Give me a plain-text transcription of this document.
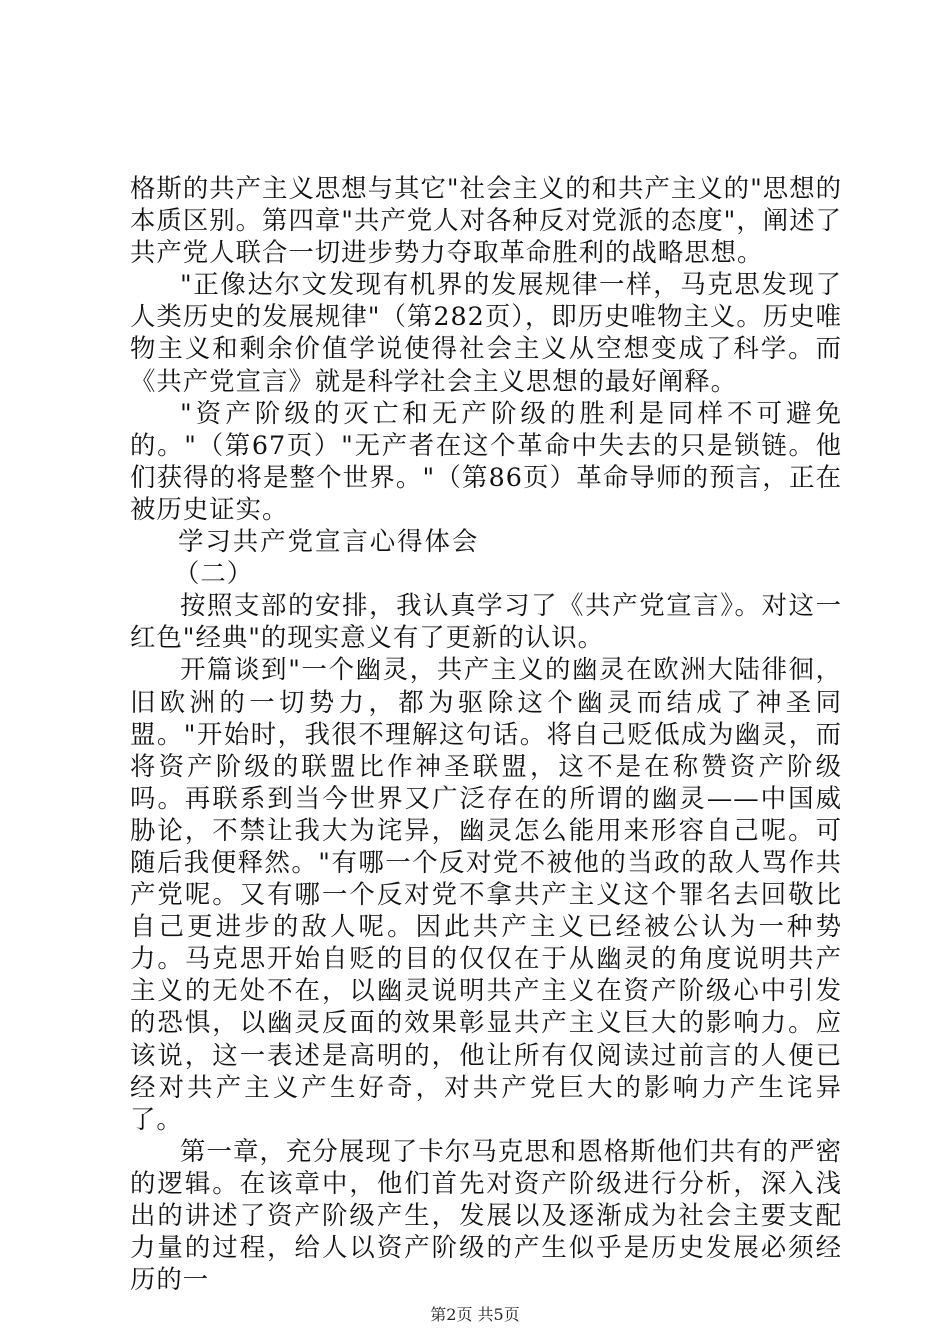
格斯的共产主义思想与其它"社会主义的和共产主义的"思想的本质区别。第四章"共产党人对各种反对党派的态度"，阐述了共产党人联合一切进步势力夺取革命胜利的战略思想。

"正像达尔文发现有机界的发展规律一样，马克思发现了人类历史的发展规律"（第282页），即历史唯物主义。历史唯物主义和剩余价值学说使得社会主义从空想变成了科学。而《共产党宣言》就是科学社会主义思想的最好阐释。

"资产阶级的灭亡和无产阶级的胜利是同样不可避免的。"（第67页）"无产者在这个革命中失去的只是锁链。他们获得的将是整个世界。"（第86页）革命导师的预言，正在被历史证实。

学习共产党宣言心得体会

（二）

按照支部的安排，我认真学习了《共产党宣言》。对这一红色"经典"的现实意义有了更新的认识。

开篇谈到"一个幽灵，共产主义的幽灵在欧洲大陆徘徊，旧欧洲的一切势力，都为驱除这个幽灵而结成了神圣同盟。"开始时，我很不理解这句话。将自己贬低成为幽灵，而将资产阶级的联盟比作神圣联盟，这不是在称赞资产阶级吗。再联系到当今世界又广泛存在的所谓的幽灵——中国威胁论，不禁让我大为诧异，幽灵怎么能用来形容自己呢。可随后我便释然。"有哪一个反对党不被他的当政的敌人骂作共产党呢。又有哪一个反对党不拿共产主义这个罪名去回敬比自己更进步的敌人呢。因此共产主义已经被公认为一种势力。马克思开始自贬的目的仅仅在于从幽灵的角度说明共产主义的无处不在，以幽灵说明共产主义在资产阶级心中引发的恐惧，以幽灵反面的效果彰显共产主义巨大的影响力。应该说，这一表述是高明的，他让所有仅阅读过前言的人便已经对共产主义产生好奇，对共产党巨大的影响力产生诧异了。

第一章，充分展现了卡尔马克思和恩格斯他们共有的严密的逻辑。在该章中，他们首先对资产阶级进行分析，深入浅出的讲述了资产阶级产生，发展以及逐渐成为社会主要支配力量的过程，给人以资产阶级的产生似乎是历史发展必须经历的一

第2页 共5页
